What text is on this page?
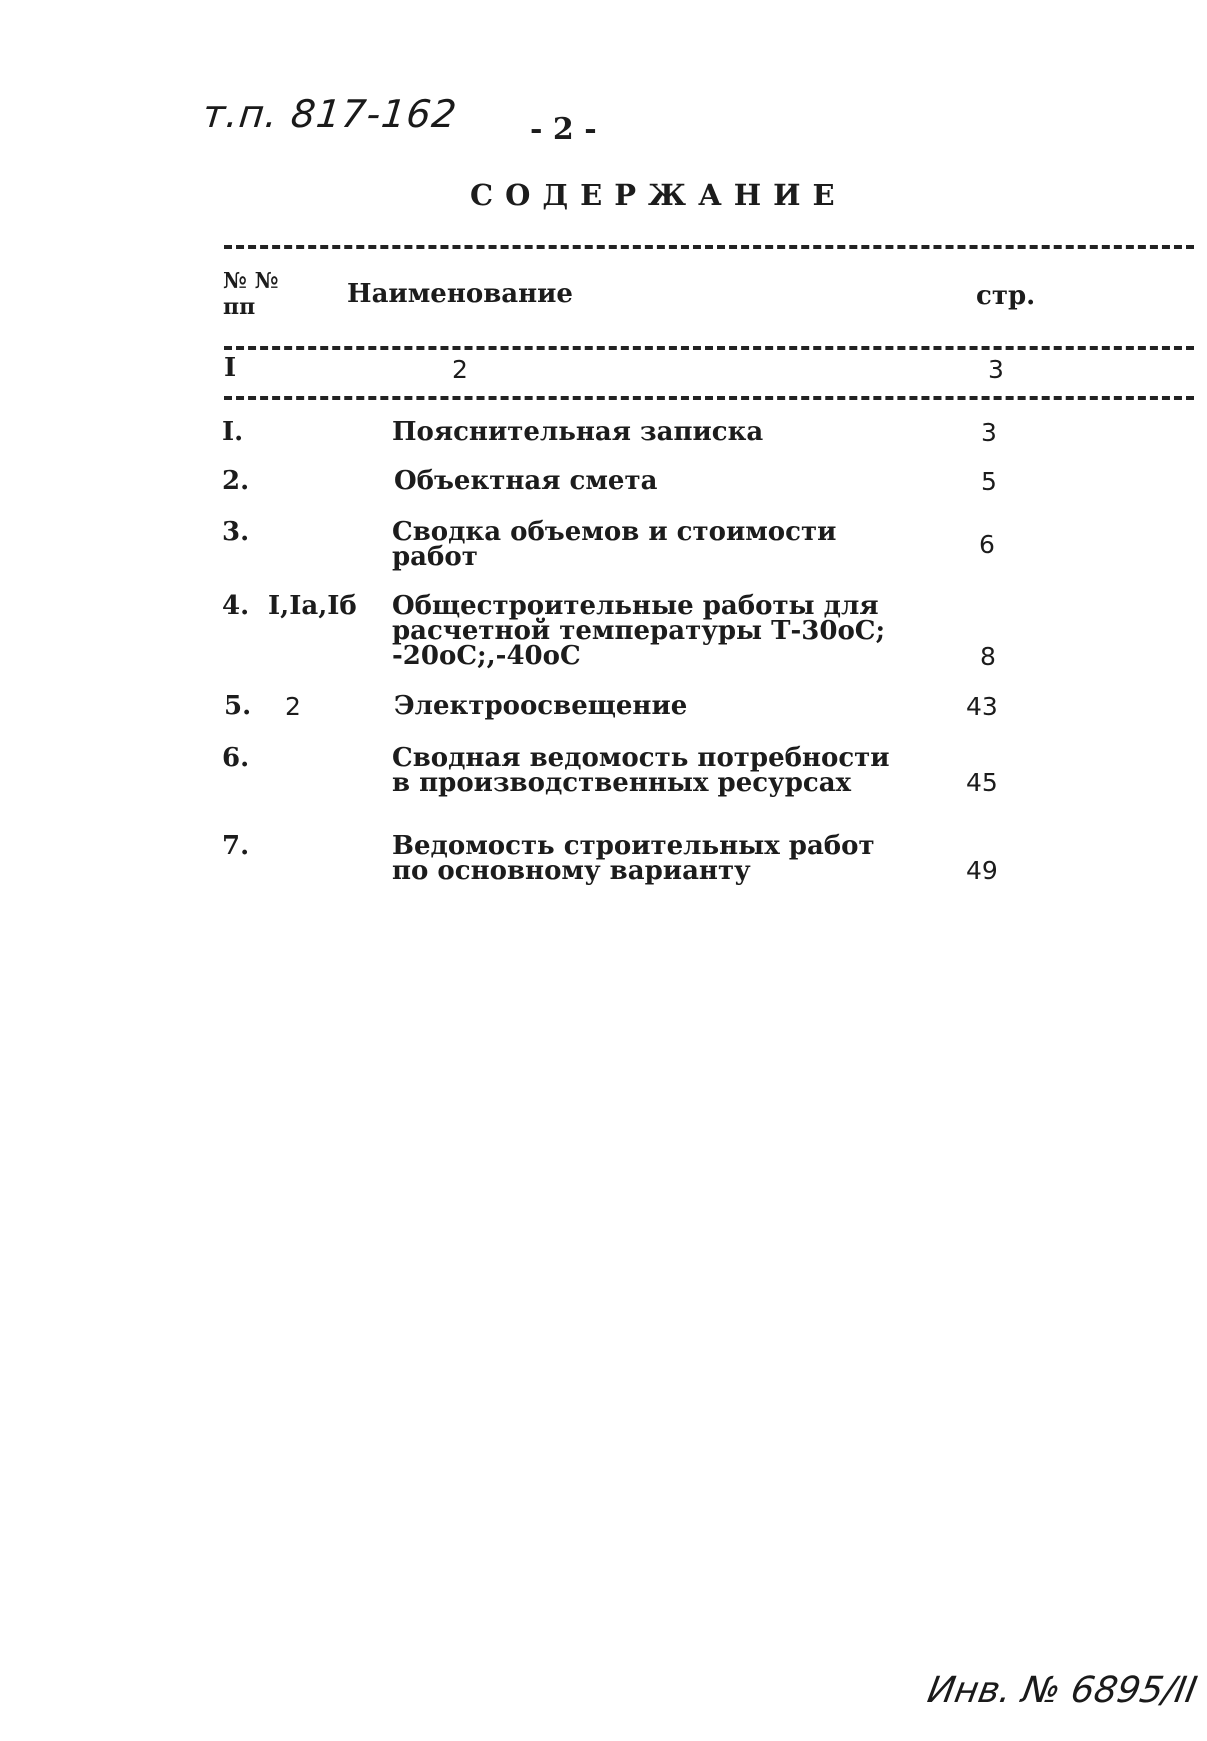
т.п. 817-162 - 2 -
СОДЕРЖАНИЕ
№ №
пп	Наименование	стр.
I	2	3
I.	Пояснительная записка	3
2.	Объектная смета	5
3.	Сводка объемов и стоимости
работ	6
4. I,Iа,Iб Общестроительные работы для
расчетной температуры Т-30оС;
-20оС;,-40оС	8
5. 2	Электроосвещение	43
6.	Сводная ведомость потребности
в производственных ресурсах	45
7.	Ведомость строительных работ
по основному варианту	49
Инв. № 6895/II
